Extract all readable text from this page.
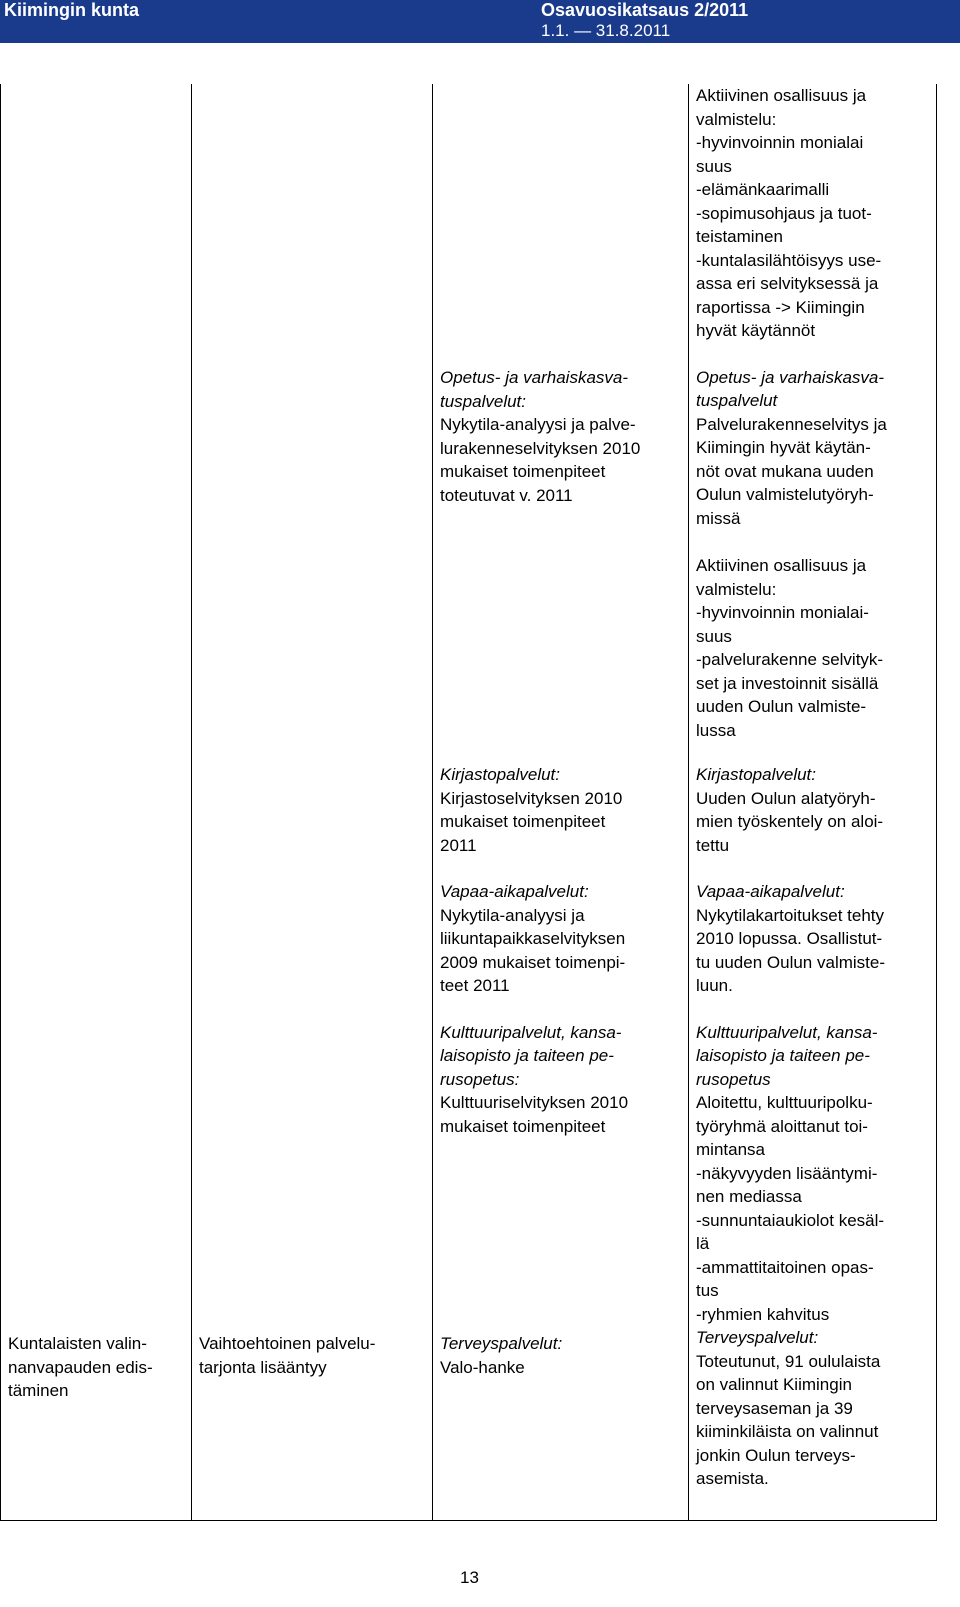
Kiimingin kunta	Osavuosikatsaus 2/2011
1.1. — 31.8.2011

Kuntalaisten valin-

nanvapauden edis-

täminen

Vaihtoehtoinen palvelu-

tarjonta lisääntyy

Opetus- ja varhaiskasva-

tuspalvelut:

Nykytila-analyysi ja palve-

lurakenneselvityksen 2010

mukaiset toimenpiteet

toteutuvat v. 2011

Kirjastopalvelut:

Kirjastoselvityksen 2010

mukaiset toimenpiteet

2011

Vapaa-aikapalvelut:

Nykytila-analyysi ja

liikuntapaikkaselvityksen

2009 mukaiset toimenpi-

teet 2011

Kulttuuripalvelut, kansa-

laisopisto ja taiteen pe-

rusopetus:

Kulttuuriselvityksen 2010

mukaiset toimenpiteet

Terveyspalvelut:

Valo-hanke

Aktiivinen osallisuus ja

valmistelu:

-hyvinvoinnin monialai

suus

-elämänkaarimalli

-sopimusohjaus ja tuot-

teistaminen

-kuntalasilähtöisyys use-

assa eri selvityksessä ja

raportissa -> Kiimingin

hyvät käytännöt

Opetus- ja varhaiskasva-

tuspalvelut

Palvelurakenneselvitys ja

Kiimingin hyvät käytän-

nöt ovat mukana uuden

Oulun valmistelutyöryh-

missä

Aktiivinen osallisuus ja

valmistelu:

-hyvinvoinnin monialai-

suus

-palvelurakenne selvityk-

set ja investoinnit sisällä

uuden Oulun valmiste-

lussa

Kirjastopalvelut:

Uuden Oulun alatyöryh-

mien työskentely on aloi-

tettu

Vapaa-aikapalvelut:

Nykytilakartoitukset tehty

2010 lopussa. Osallistut-

tu uuden Oulun valmiste-

luun.

Kulttuuripalvelut, kansa-

laisopisto ja taiteen pe-

rusopetus

Aloitettu, kulttuuripolku-

työryhmä aloittanut toi-

mintansa

-näkyvyyden lisääntymi-

nen mediassa

-sunnuntaiaukiolot kesäl-

lä

-ammattitaitoinen opas-

tus

-ryhmien kahvitus

Terveyspalvelut:

Toteutunut, 91 oululaista

on valinnut Kiimingin

terveysaseman ja 39

kiiminkiläista on valinnut

jonkin Oulun terveys-

asemista.

13
